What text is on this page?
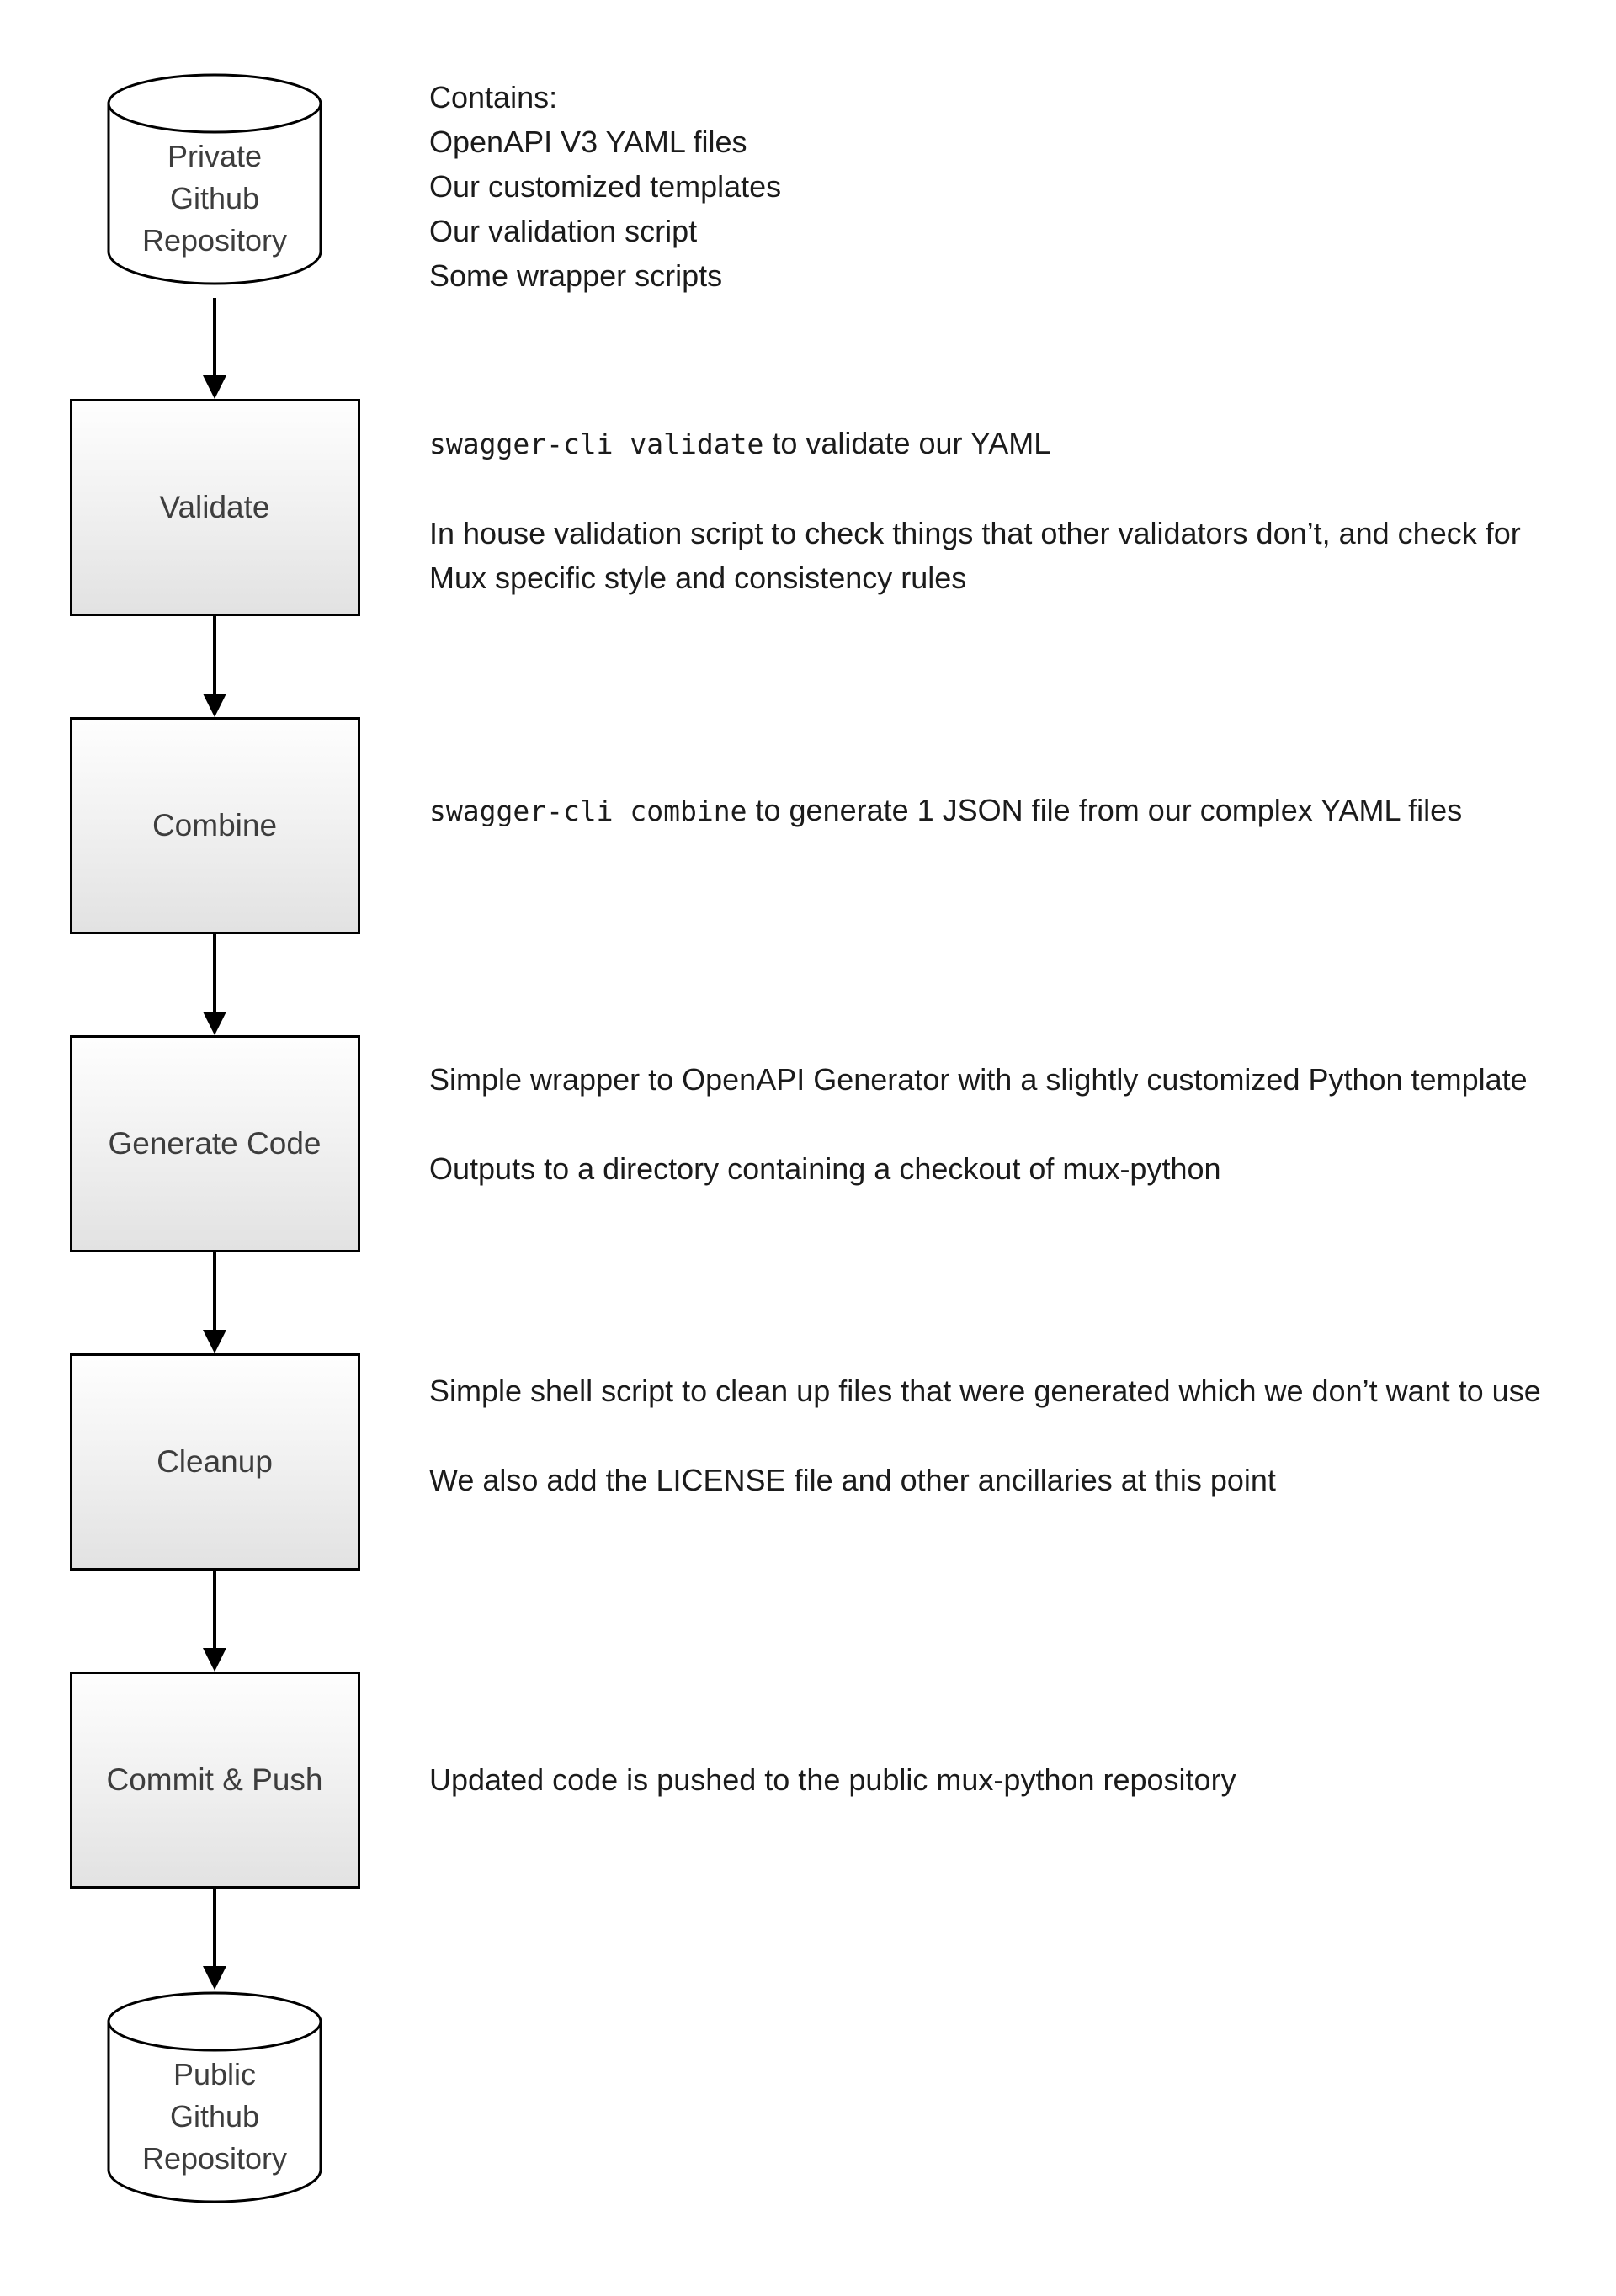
Private
Github
Repository
Contains:
OpenAPI V3 YAML files
Our customized templates
Our validation script
Some wrapper scripts
Validate

swagger-cli validate to validate our YAML

In house validation script to check things that other validators don’t, and check for Mux specific style and consistency rules

Combine	swagger-cli combine to generate 1 JSON file from our complex YAML files

Generate Code

Simple wrapper to OpenAPI Generator with a slightly customized Python template

Outputs to a directory containing a checkout of mux-python

Cleanup

Simple shell script to clean up files that were generated which we don’t want to use

We also add the LICENSE file and other ancillaries at this point

Commit & Push	Updated code is pushed to the public mux-python repository

Public
Github
Repository
